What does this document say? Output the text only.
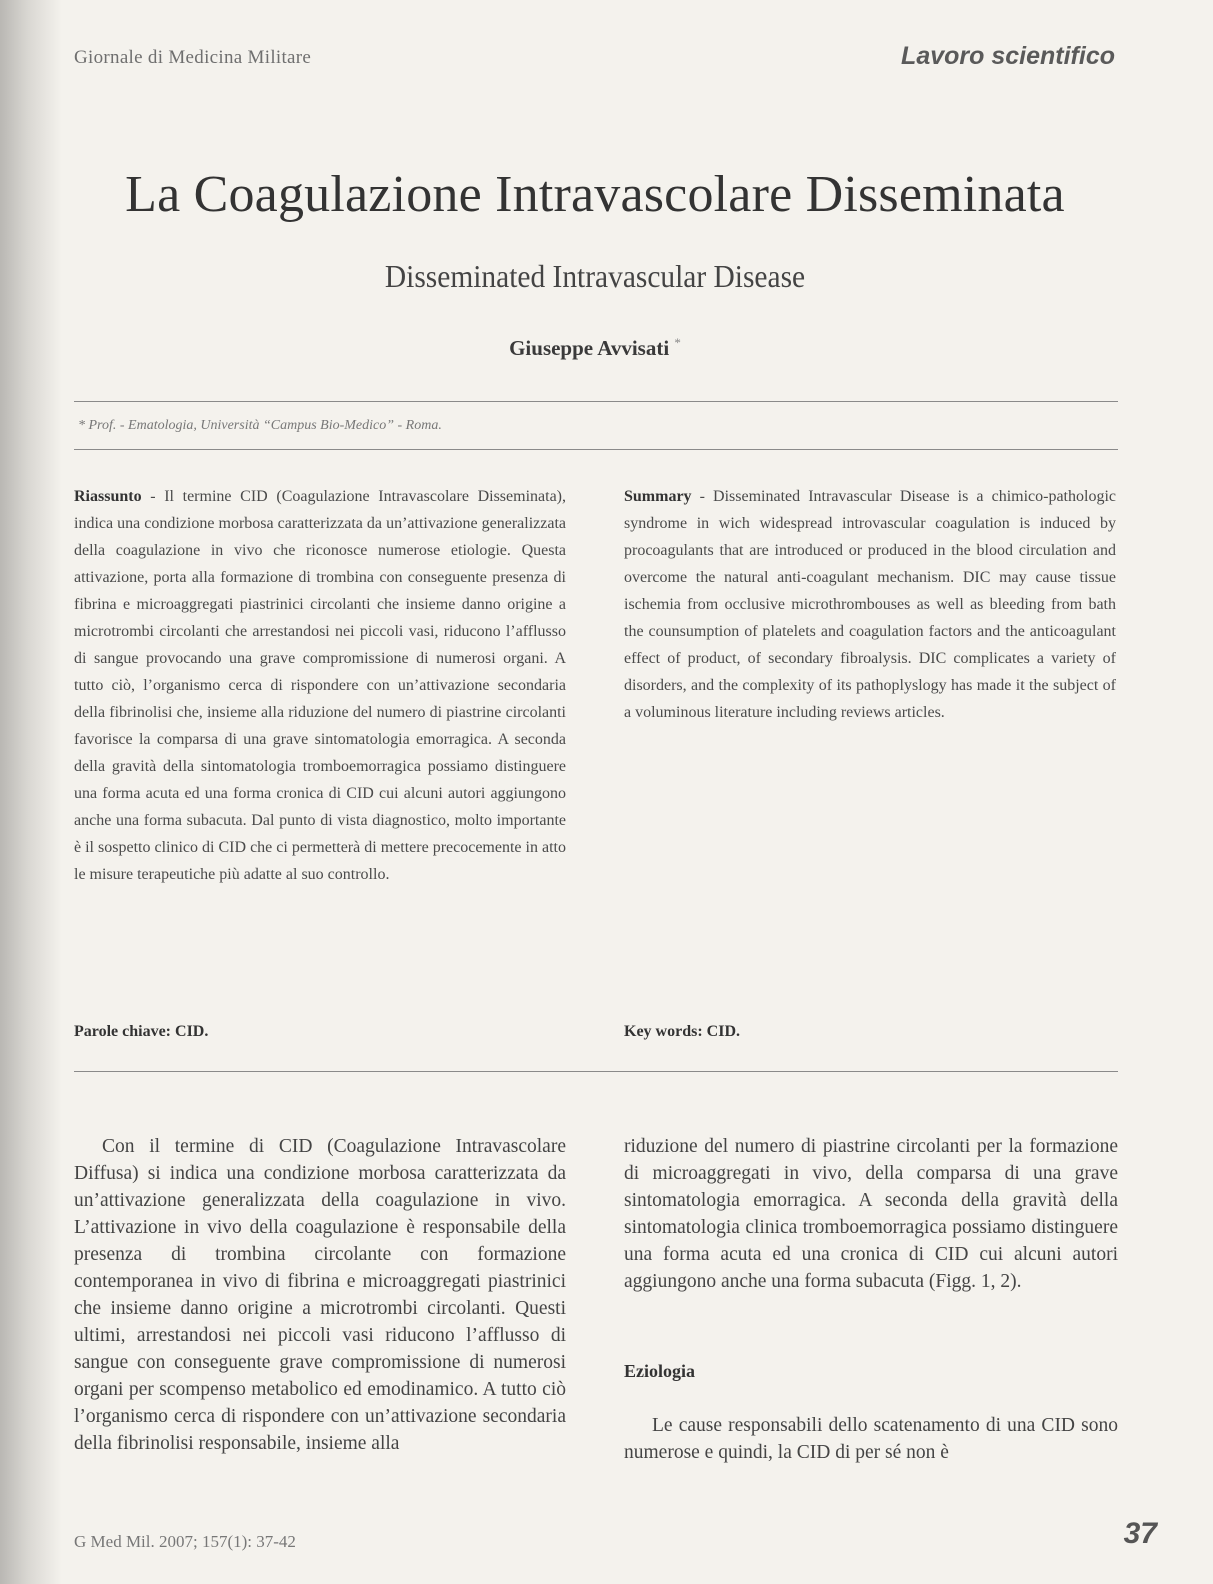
Giornale di Medicina Militare	Lavoro scientifico
La Coagulazione Intravascolare Disseminata
Disseminated Intravascular Disease
Giuseppe Avvisati *
* Prof. - Ematologia, Università “Campus Bio-Medico” - Roma.
Riassunto - Il termine CID (Coagulazione Intravascolare Disseminata), indica una condizione morbosa caratterizzata da un’attivazione generalizzata della coagulazione in vivo che riconosce numerose etiologie. Questa attivazione, porta alla formazione di trombina con conseguente presenza di fibrina e microaggregati piastrinici circolanti che insieme danno origine a microtrombi circolanti che arrestandosi nei piccoli vasi, riducono l’afflusso di sangue provocando una grave compromissione di numerosi organi. A tutto ciò, l’organismo cerca di rispondere con un’attivazione secondaria della fibrinolisi che, insieme alla riduzione del numero di piastrine circolanti favorisce la comparsa di una grave sintomatologia emorragica. A seconda della gravità della sintomatologia tromboemorragica possiamo distinguere una forma acuta ed una forma cronica di CID cui alcuni autori aggiungono anche una forma subacuta. Dal punto di vista diagnostico, molto importante è il sospetto clinico di CID che ci permetterà di mettere precocemente in atto le misure terapeutiche più adatte al suo controllo.
Summary - Disseminated Intravascular Disease is a chimico-pathologic syndrome in wich widespread introvascular coagulation is induced by procoagulants that are introduced or produced in the blood circulation and overcome the natural anti-coagulant mechanism. DIC may cause tissue ischemia from occlusive microthrombouses as well as bleeding from bath the counsumption of platelets and coagulation factors and the anticoagulant effect of product, of secondary fibroalysis. DIC complicates a variety of disorders, and the complexity of its pathoplyslogy has made it the subject of a voluminous literature including reviews articles.
Parole chiave: CID.	Key words: CID.

Con il termine di CID (Coagulazione Intravascolare Diffusa) si indica una condizione morbosa caratterizzata da un’attivazione generalizzata della coagulazione in vivo. L’attivazione in vivo della coagulazione è responsabile della presenza di trombina circolante con formazione contemporanea in vivo di fibrina e microaggregati piastrinici che insieme danno origine a microtrombi circolanti. Questi ultimi, arrestandosi nei piccoli vasi riducono l’afflusso di sangue con conseguente grave compromissione di numerosi organi per scompenso metabolico ed emodinamico. A tutto ciò l’organismo cerca di rispondere con un’attivazione secondaria della fibrinolisi responsabile, insieme alla

riduzione del numero di piastrine circolanti per la formazione di microaggregati in vivo, della comparsa di una grave sintomatologia emorragica. A seconda della gravità della sintomatologia clinica tromboemorragica possiamo distinguere una forma acuta ed una cronica di CID cui alcuni autori aggiungono anche una forma subacuta (Figg. 1, 2).

Eziologia

Le cause responsabili dello scatenamento di una CID sono numerose e quindi, la CID di per sé non è

G Med Mil. 2007; 157(1): 37-42	37
